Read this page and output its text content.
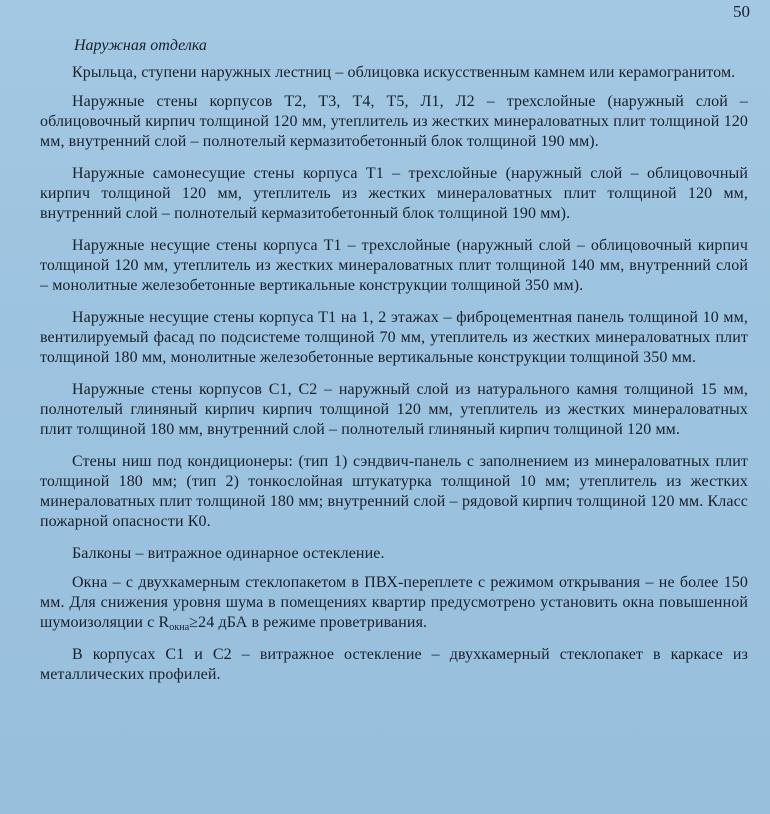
50
Наружная отделка

Крыльца, ступени наружных лестниц – облицовка искусственным камнем или керамогранитом.

Наружные стены корпусов Т2, Т3, Т4, Т5, Л1, Л2 – трехслойные (наружный слой – облицовочный кирпич толщиной 120 мм, утеплитель из жестких минераловатных плит толщиной 120 мм, внутренний слой – полнотелый кермазитобетонный блок толщиной 190 мм).

Наружные самонесущие стены корпуса Т1 – трехслойные (наружный слой – облицовочный кирпич толщиной 120 мм, утеплитель из жестких минераловатных плит толщиной 120 мм, внутренний слой – полнотелый кермазитобетонный блок толщиной 190 мм).

Наружные несущие стены корпуса Т1 – трехслойные (наружный слой – облицовочный кирпич толщиной 120 мм, утеплитель из жестких минераловатных плит толщиной 140 мм, внутренний слой – монолитные железобетонные вертикальные конструкции толщиной 350 мм).

Наружные несущие стены корпуса Т1 на 1, 2 этажах – фиброцементная панель толщиной 10 мм, вентилируемый фасад по подсистеме толщиной 70 мм, утеплитель из жестких минераловатных плит толщиной 180 мм, монолитные железобетонные вертикальные конструкции толщиной 350 мм.

Наружные стены корпусов С1, С2 – наружный слой из натурального камня толщиной 15 мм, полнотелый глиняный кирпич кирпич толщиной 120 мм, утеплитель из жестких минераловатных плит толщиной 180 мм, внутренний слой – полнотелый глиняный кирпич толщиной 120 мм.

Стены ниш под кондиционеры: (тип 1) сэндвич-панель с заполнением из минераловатных плит толщиной 180 мм; (тип 2) тонкослойная штукатурка толщиной 10 мм; утеплитель из жестких минераловатных плит толщиной 180 мм; внутренний слой – рядовой кирпич толщиной 120 мм. Класс пожарной опасности К0.

Балконы – витражное одинарное остекление.

Окна – с двухкамерным стеклопакетом в ПВХ-переплете с режимом открывания – не более 150 мм. Для снижения уровня шума в помещениях квартир предусмотрено установить окна повышенной шумоизоляции с $R_{окна}\ge 24$ дБА в режиме проветривания.

В корпусах С1 и С2 – витражное остекление – двухкамерный стеклопакет в каркасе из металлических профилей.
